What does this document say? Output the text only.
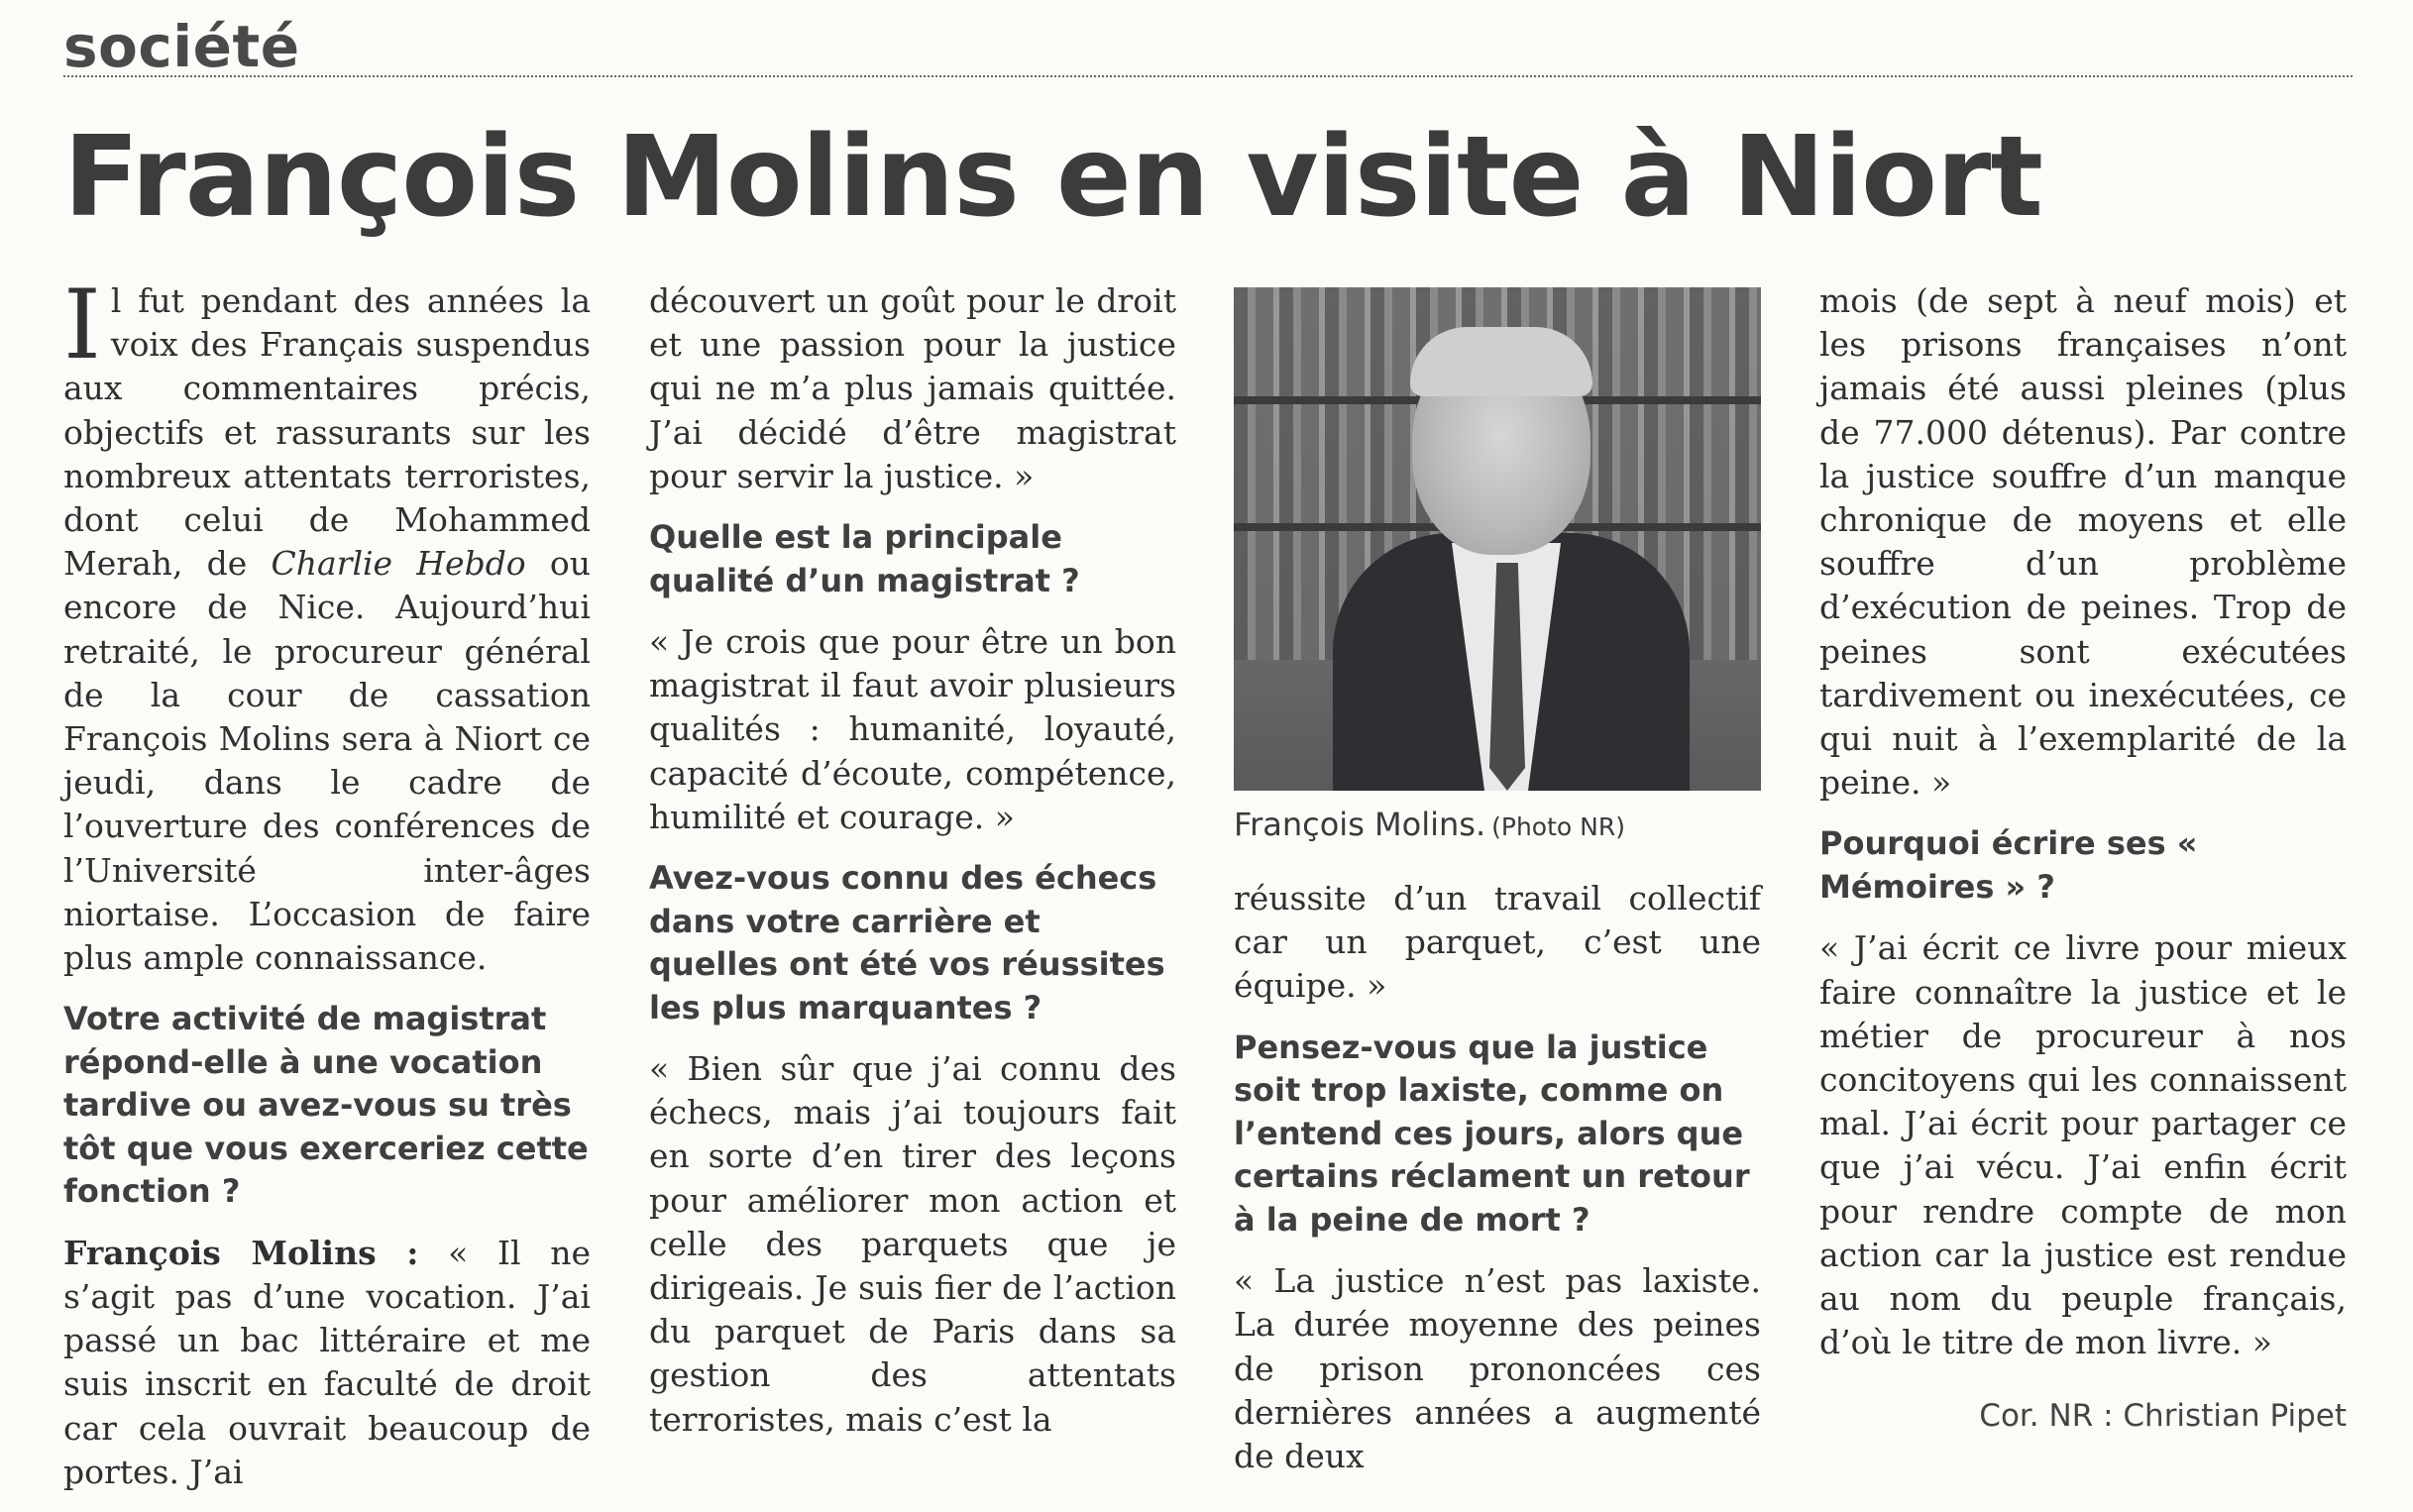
société
François Molins en visite à Niort

Il fut pendant des années la voix des Français suspendus aux commentaires précis, objectifs et rassurants sur les nombreux attentats terroristes, dont celui de Mohammed Merah, de Charlie Hebdo ou encore de Nice. Aujourd’hui retraité, le procureur général de la cour de cassation François Molins sera à Niort ce jeudi, dans le cadre de l’ouverture des conférences de l’Université inter-âges niortaise. L’occasion de faire plus ample connaissance.

Votre activité de magistrat répond-elle à une vocation tardive ou avez-vous su très tôt que vous exerceriez cette fonction ?

François Molins : « Il ne s’agit pas d’une vocation. J’ai passé un bac littéraire et me suis inscrit en faculté de droit car cela ouvrait beaucoup de portes. J’ai

découvert un goût pour le droit et une passion pour la justice qui ne m’a plus jamais quittée. J’ai décidé d’être magistrat pour servir la justice. »

Quelle est la principale qualité d’un magistrat ?

« Je crois que pour être un bon magistrat il faut avoir plusieurs qualités : humanité, loyauté, capacité d’écoute, compétence, humilité et courage. »

Avez-vous connu des échecs dans votre carrière et quelles ont été vos réussites les plus marquantes ?

« Bien sûr que j’ai connu des échecs, mais j’ai toujours fait en sorte d’en tirer des leçons pour améliorer mon action et celle des parquets que je dirigeais. Je suis fier de l’action du parquet de Paris dans sa gestion des attentats terroristes, mais c’est la

François Molins. (Photo NR)

réussite d’un travail collectif car un parquet, c’est une équipe. »

Pensez-vous que la justice soit trop laxiste, comme on l’entend ces jours, alors que certains réclament un retour à la peine de mort ?

« La justice n’est pas laxiste. La durée moyenne des peines de prison prononcées ces dernières années a augmenté de deux

mois (de sept à neuf mois) et les prisons françaises n’ont jamais été aussi pleines (plus de 77.000 détenus). Par contre la justice souffre d’un manque chronique de moyens et elle souffre d’un problème d’exécution de peines. Trop de peines sont exécutées tardivement ou inexécutées, ce qui nuit à l’exemplarité de la peine. »

Pourquoi écrire ses « Mémoires » ?

« J’ai écrit ce livre pour mieux faire connaître la justice et le métier de procureur à nos concitoyens qui les connaissent mal. J’ai écrit pour partager ce que j’ai vécu. J’ai enfin écrit pour rendre compte de mon action car la justice est rendue au nom du peuple français, d’où le titre de mon livre. »

Cor. NR : Christian Pipet
